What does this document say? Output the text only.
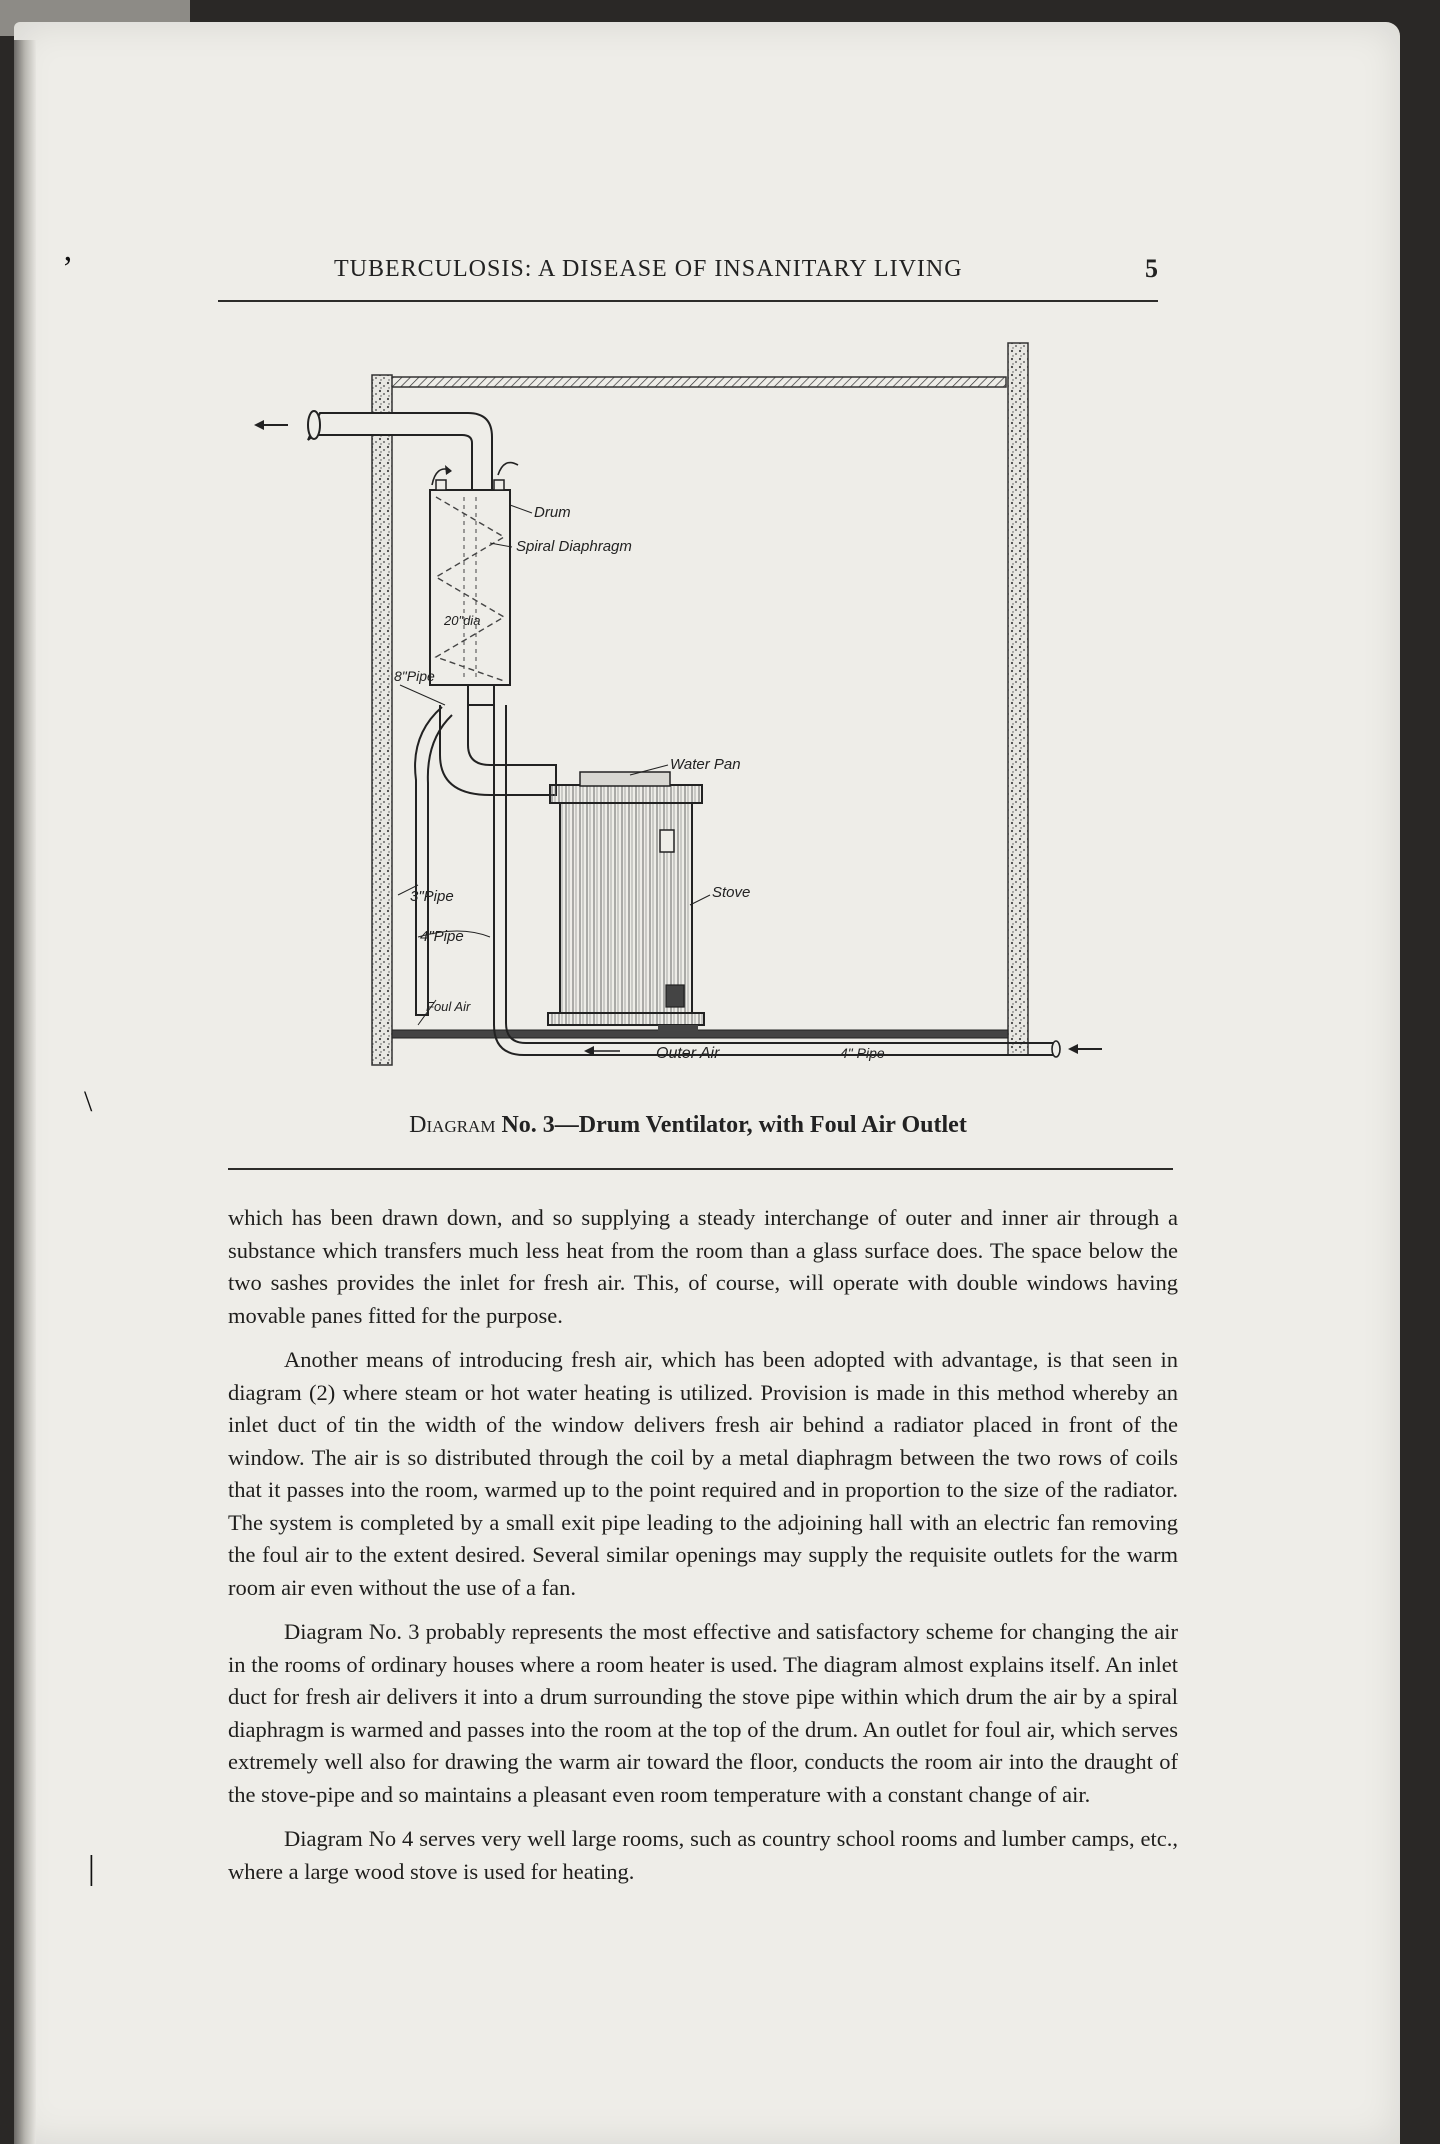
’
\
|
TUBERCULOSIS: A DISEASE OF INSANITARY LIVING	5
Drum
Spiral Diaphragm
20"dia
8"Pipe
Water Pan
Stove
3"Pipe
4"Pipe
Foul Air
Outer Air	4" Pipe
Diagram No. 3—Drum Ventilator, with Foul Air Outlet

which has been drawn down, and so supplying a steady interchange of outer and inner air through a substance which transfers much less heat from the room than a glass surface does. The space below the two sashes provides the inlet for fresh air. This, of course, will operate with double windows having movable panes fitted for the purpose.

Another means of introducing fresh air, which has been adopted with advantage, is that seen in diagram (2) where steam or hot water heating is utilized. Provision is made in this method whereby an inlet duct of tin the width of the window delivers fresh air behind a radiator placed in front of the window. The air is so distributed through the coil by a metal diaphragm between the two rows of coils that it passes into the room, warmed up to the point required and in proportion to the size of the radiator. The system is completed by a small exit pipe leading to the adjoining hall with an electric fan removing the foul air to the extent desired. Several similar openings may supply the requisite outlets for the warm room air even without the use of a fan.

Diagram No. 3 probably represents the most effective and satisfactory scheme for changing the air in the rooms of ordinary houses where a room heater is used. The diagram almost explains itself. An inlet duct for fresh air delivers it into a drum surrounding the stove pipe within which drum the air by a spiral diaphragm is warmed and passes into the room at the top of the drum. An outlet for foul air, which serves extremely well also for drawing the warm air toward the floor, conducts the room air into the draught of the stove-pipe and so maintains a pleasant even room temperature with a constant change of air.

Diagram No 4 serves very well large rooms, such as country school rooms and lumber camps, etc., where a large wood stove is used for heating.
